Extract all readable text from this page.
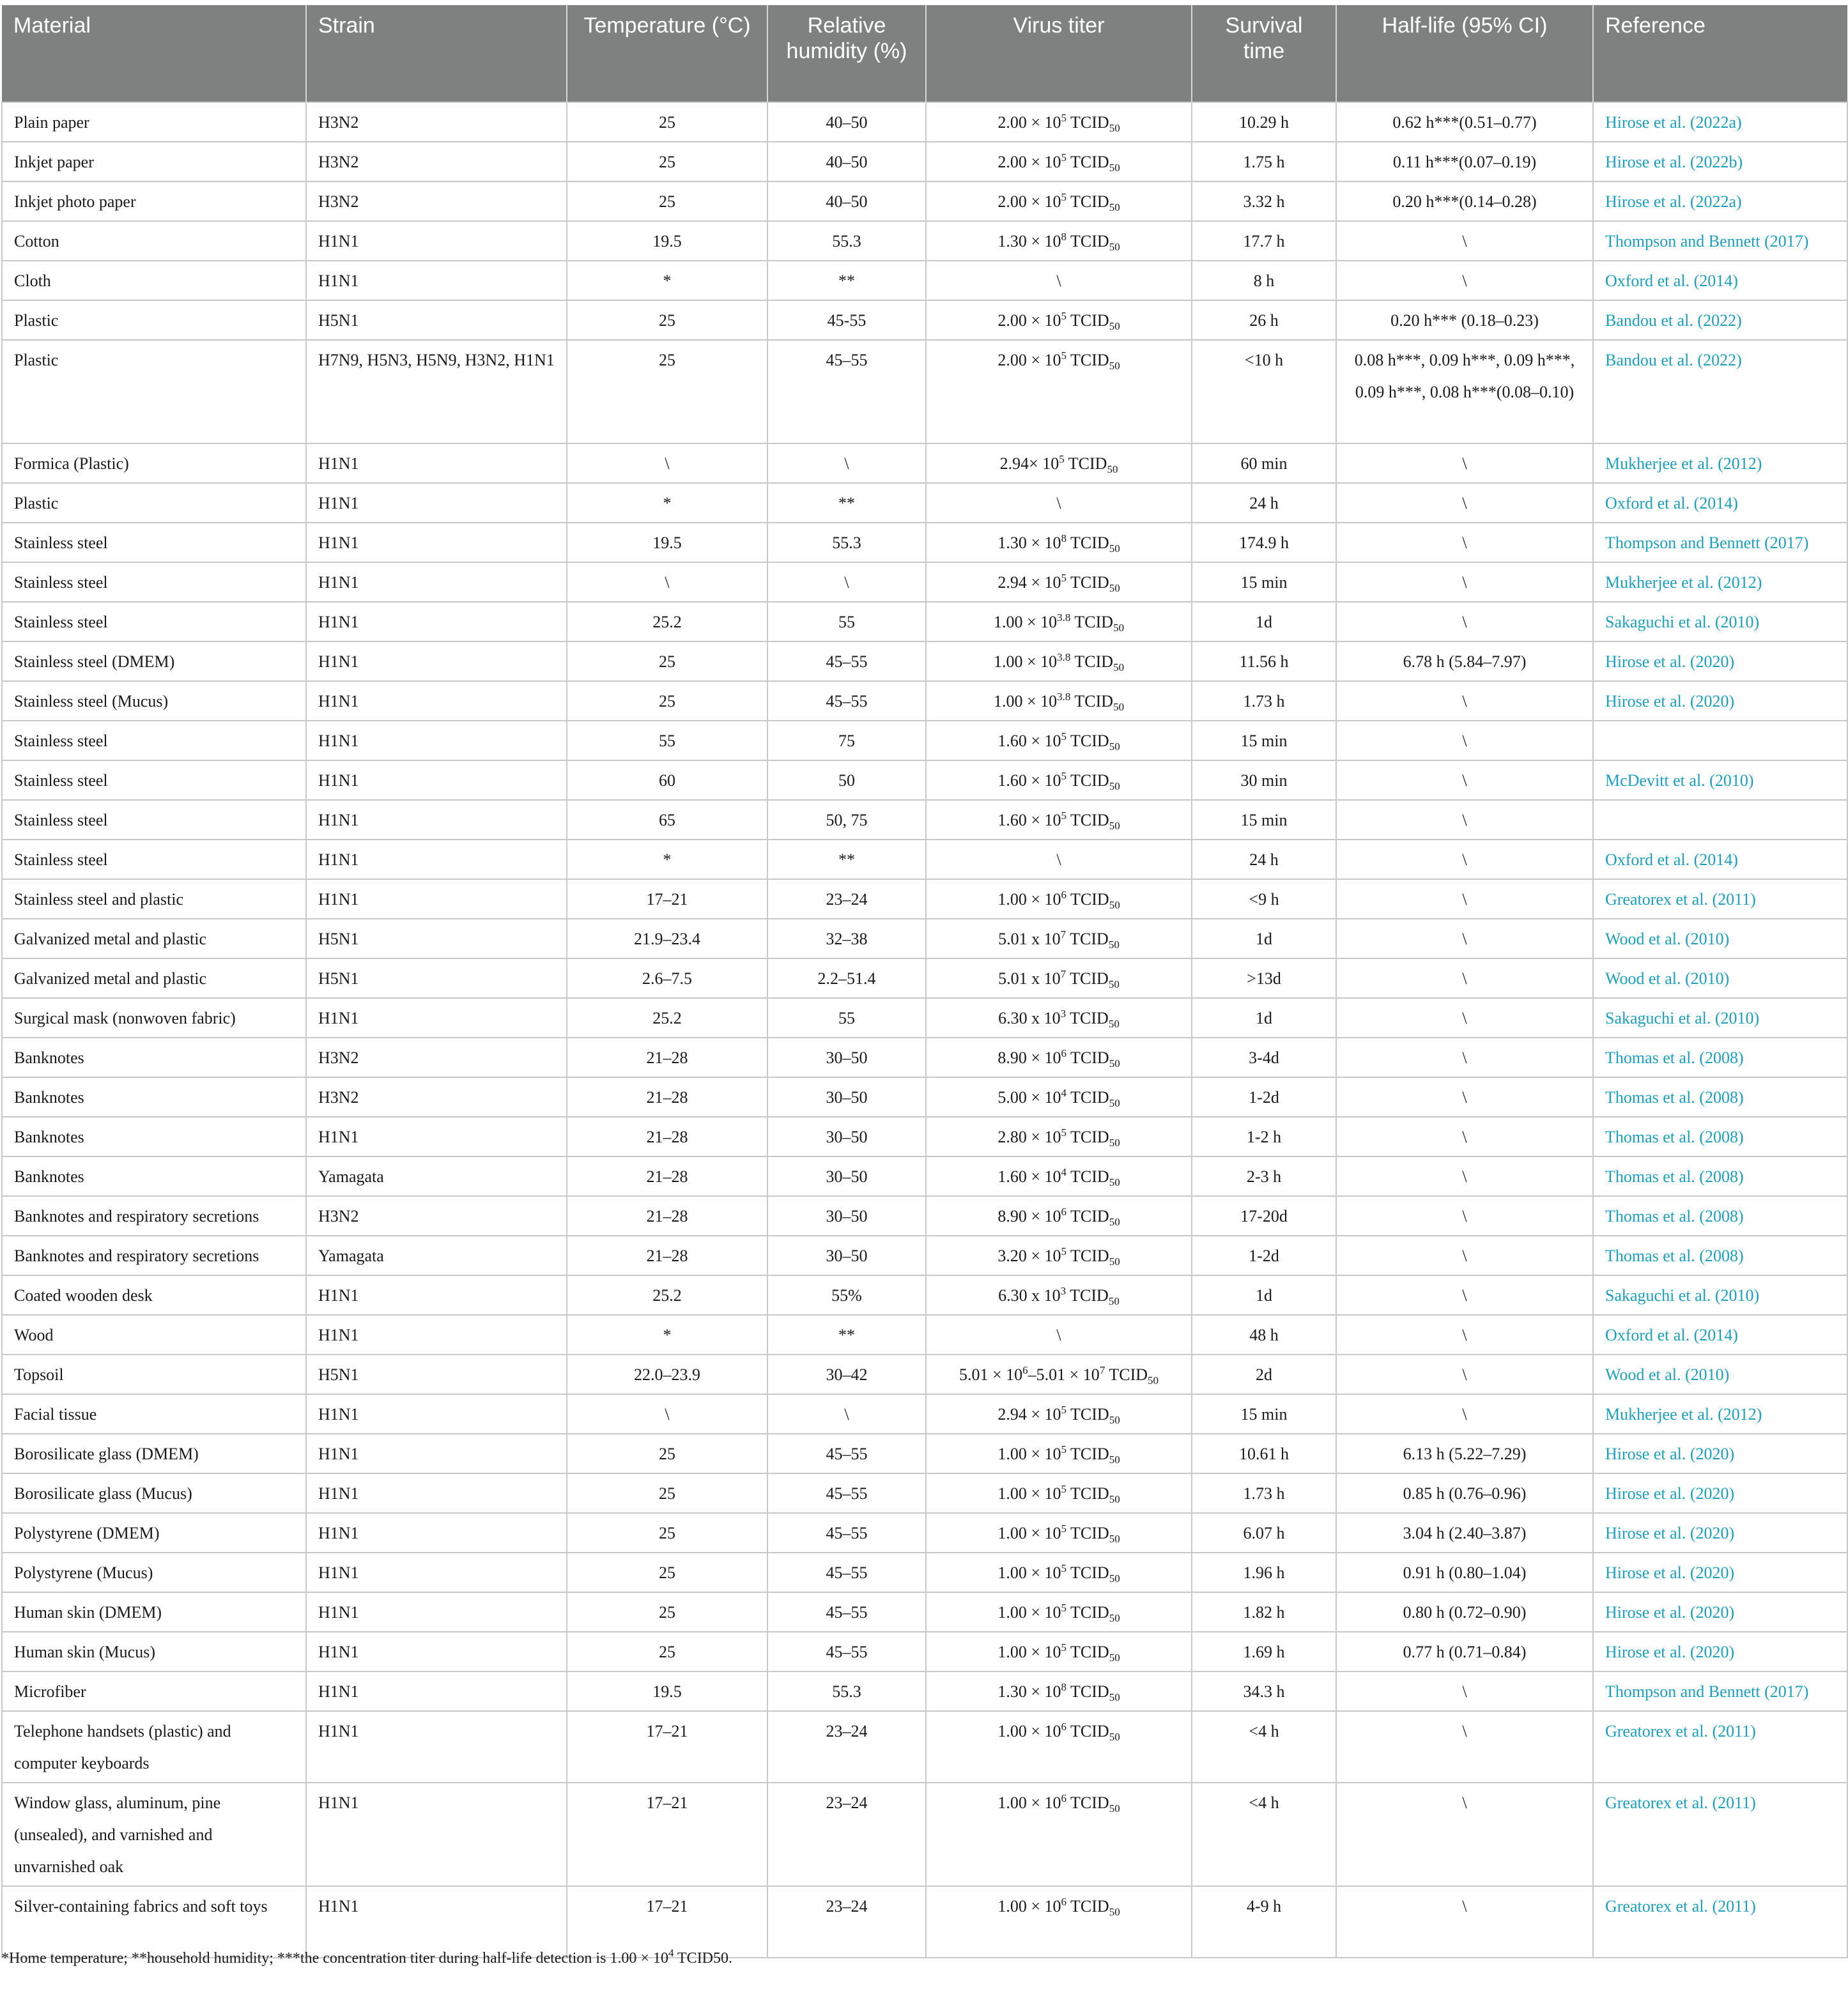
Material	Strain	Temperature (°C)	Relative humidity (%)	Virus titer	Survival time	Half-life (95% CI)	Reference
Plain paper	H3N2	25	40–50	$2.00 \times 10^5$ $TCID_{50}$	10.29 h	0.62 h***(0.51–0.77)	Hirose et al. (2022a)
Inkjet paper	H3N2	25	40–50	$2.00 \times 10^5$ $TCID_{50}$	1.75 h	0.11 h***(0.07–0.19)	Hirose et al. (2022b)
Inkjet photo paper	H3N2	25	40–50	$2.00 \times 10^5$ $TCID_{50}$	3.32 h	0.20 h***(0.14–0.28)	Hirose et al. (2022a)
Cotton	H1N1	19.5	55.3	$1.30 \times 10^8$ $TCID_{50}$	17.7 h	\	Thompson and Bennett (2017)
Cloth	H1N1	*	**	\	8 h	\	Oxford et al. (2014)
Plastic	H5N1	25	45-55	$2.00 \times 10^5$ $TCID_{50}$	26 h	0.20 h*** (0.18–0.23)	Bandou et al. (2022)
Plastic	H7N9, H5N3, H5N9, H3N2, H1N1	25	45–55	$2.00 \times 10^5$ $TCID_{50}$	<10 h	0.08 h***, 0.09 h***, 0.09 h***, 0.09 h***, 0.08 h***(0.08–0.10)	Bandou et al. (2022)
Formica (Plastic)	H1N1	\	\	$2.94\times 10^5$ $TCID_{50}$	60 min	\	Mukherjee et al. (2012)
Plastic	H1N1	*	**	\	24 h	\	Oxford et al. (2014)
Stainless steel	H1N1	19.5	55.3	$1.30 \times 10^8$ $TCID_{50}$	174.9 h	\	Thompson and Bennett (2017)
Stainless steel	H1N1	\	\	$2.94 \times 10^5$ $TCID_{50}$	15 min	\	Mukherjee et al. (2012)
Stainless steel	H1N1	25.2	55	$1.00 \times 10^{3.8}$ $TCID_{50}$	1d	\	Sakaguchi et al. (2010)
Stainless steel (DMEM)	H1N1	25	45–55	$1.00 \times 10^{3.8}$ $TCID_{50}$	11.56 h	6.78 h (5.84–7.97)	Hirose et al. (2020)
Stainless steel (Mucus)	H1N1	25	45–55	$1.00 \times 10^{3.8}$ $TCID_{50}$	1.73 h	\	Hirose et al. (2020)
Stainless steel	H1N1	55	75	$1.60 \times 10^5$ $TCID_{50}$	15 min	\	
Stainless steel	H1N1	60	50	$1.60 \times 10^5$ $TCID_{50}$	30 min	\	McDevitt et al. (2010)
Stainless steel	H1N1	65	50, 75	$1.60 \times 10^5$ $TCID_{50}$	15 min	\	
Stainless steel	H1N1	*	**	\	24 h	\	Oxford et al. (2014)
Stainless steel and plastic	H1N1	17–21	23–24	$1.00 \times 10^6$ $TCID_{50}$	<9 h	\	Greatorex et al. (2011)
Galvanized metal and plastic	H5N1	21.9–23.4	32–38	5.01 x $10^7$ $TCID_{50}$	1d	\	Wood et al. (2010)
Galvanized metal and plastic	H5N1	2.6–7.5	2.2–51.4	5.01 x $10^7$ $TCID_{50}$	>13d	\	Wood et al. (2010)
Surgical mask (nonwoven fabric)	H1N1	25.2	55	6.30 x $10^3$ $TCID_{50}$	1d	\	Sakaguchi et al. (2010)
Banknotes	H3N2	21–28	30–50	$8.90 \times 10^6$ $TCID_{50}$	3-4d	\	Thomas et al. (2008)
Banknotes	H3N2	21–28	30–50	$5.00 \times 10^4$ $TCID_{50}$	1-2d	\	Thomas et al. (2008)
Banknotes	H1N1	21–28	30–50	$2.80 \times 10^5$ $TCID_{50}$	1-2 h	\	Thomas et al. (2008)
Banknotes	Yamagata	21–28	30–50	$1.60 \times 10^4$ $TCID_{50}$	2-3 h	\	Thomas et al. (2008)
Banknotes and respiratory secretions	H3N2	21–28	30–50	$8.90 \times 10^6$ $TCID_{50}$	17-20d	\	Thomas et al. (2008)
Banknotes and respiratory secretions	Yamagata	21–28	30–50	$3.20 \times 10^5$ $TCID_{50}$	1-2d	\	Thomas et al. (2008)
Coated wooden desk	H1N1	25.2	55%	6.30 x $10^3$ $TCID_{50}$	1d	\	Sakaguchi et al. (2010)
Wood	H1N1	*	**	\	48 h	\	Oxford et al. (2014)
Topsoil	H5N1	22.0–23.9	30–42	$5.01 \times 10^6-5.01 \times 10^7$ $TCID_{50}$	2d	\	Wood et al. (2010)
Facial tissue	H1N1	\	\	$2.94 \times 10^5$ $TCID_{50}$	15 min	\	Mukherjee et al. (2012)
Borosilicate glass (DMEM)	H1N1	25	45–55	$1.00 \times 10^5$ $TCID_{50}$	10.61 h	6.13 h (5.22–7.29)	Hirose et al. (2020)
Borosilicate glass (Mucus)	H1N1	25	45–55	$1.00 \times 10^5$ $TCID_{50}$	1.73 h	0.85 h (0.76–0.96)	Hirose et al. (2020)
Polystyrene (DMEM)	H1N1	25	45–55	$1.00 \times 10^5$ $TCID_{50}$	6.07 h	3.04 h (2.40–3.87)	Hirose et al. (2020)
Polystyrene (Mucus)	H1N1	25	45–55	$1.00 \times 10^5$ $TCID_{50}$	1.96 h	0.91 h (0.80–1.04)	Hirose et al. (2020)
Human skin (DMEM)	H1N1	25	45–55	$1.00 \times 10^5$ $TCID_{50}$	1.82 h	0.80 h (0.72–0.90)	Hirose et al. (2020)
Human skin (Mucus)	H1N1	25	45–55	$1.00 \times 10^5$ $TCID_{50}$	1.69 h	0.77 h (0.71–0.84)	Hirose et al. (2020)
Microfiber	H1N1	19.5	55.3	$1.30 \times 10^8$ $TCID_{50}$	34.3 h	\	Thompson and Bennett (2017)
Telephone handsets (plastic) and computer keyboards	H1N1	17–21	23–24	$1.00 \times 10^6$ $TCID_{50}$	<4 h	\	Greatorex et al. (2011)
Window glass, aluminum, pine (unsealed), and varnished and unvarnished oak	H1N1	17–21	23–24	$1.00 \times 10^6$ $TCID_{50}$	<4 h	\	Greatorex et al. (2011)
Silver-containing fabrics and soft toys	H1N1	17–21	23–24	$1.00 \times 10^6$ $TCID_{50}$	4-9 h	\	Greatorex et al. (2011)
*Home temperature; **household humidity; ***the concentration titer during half-life detection is $1.00 \times 10^4$ TCID50.
